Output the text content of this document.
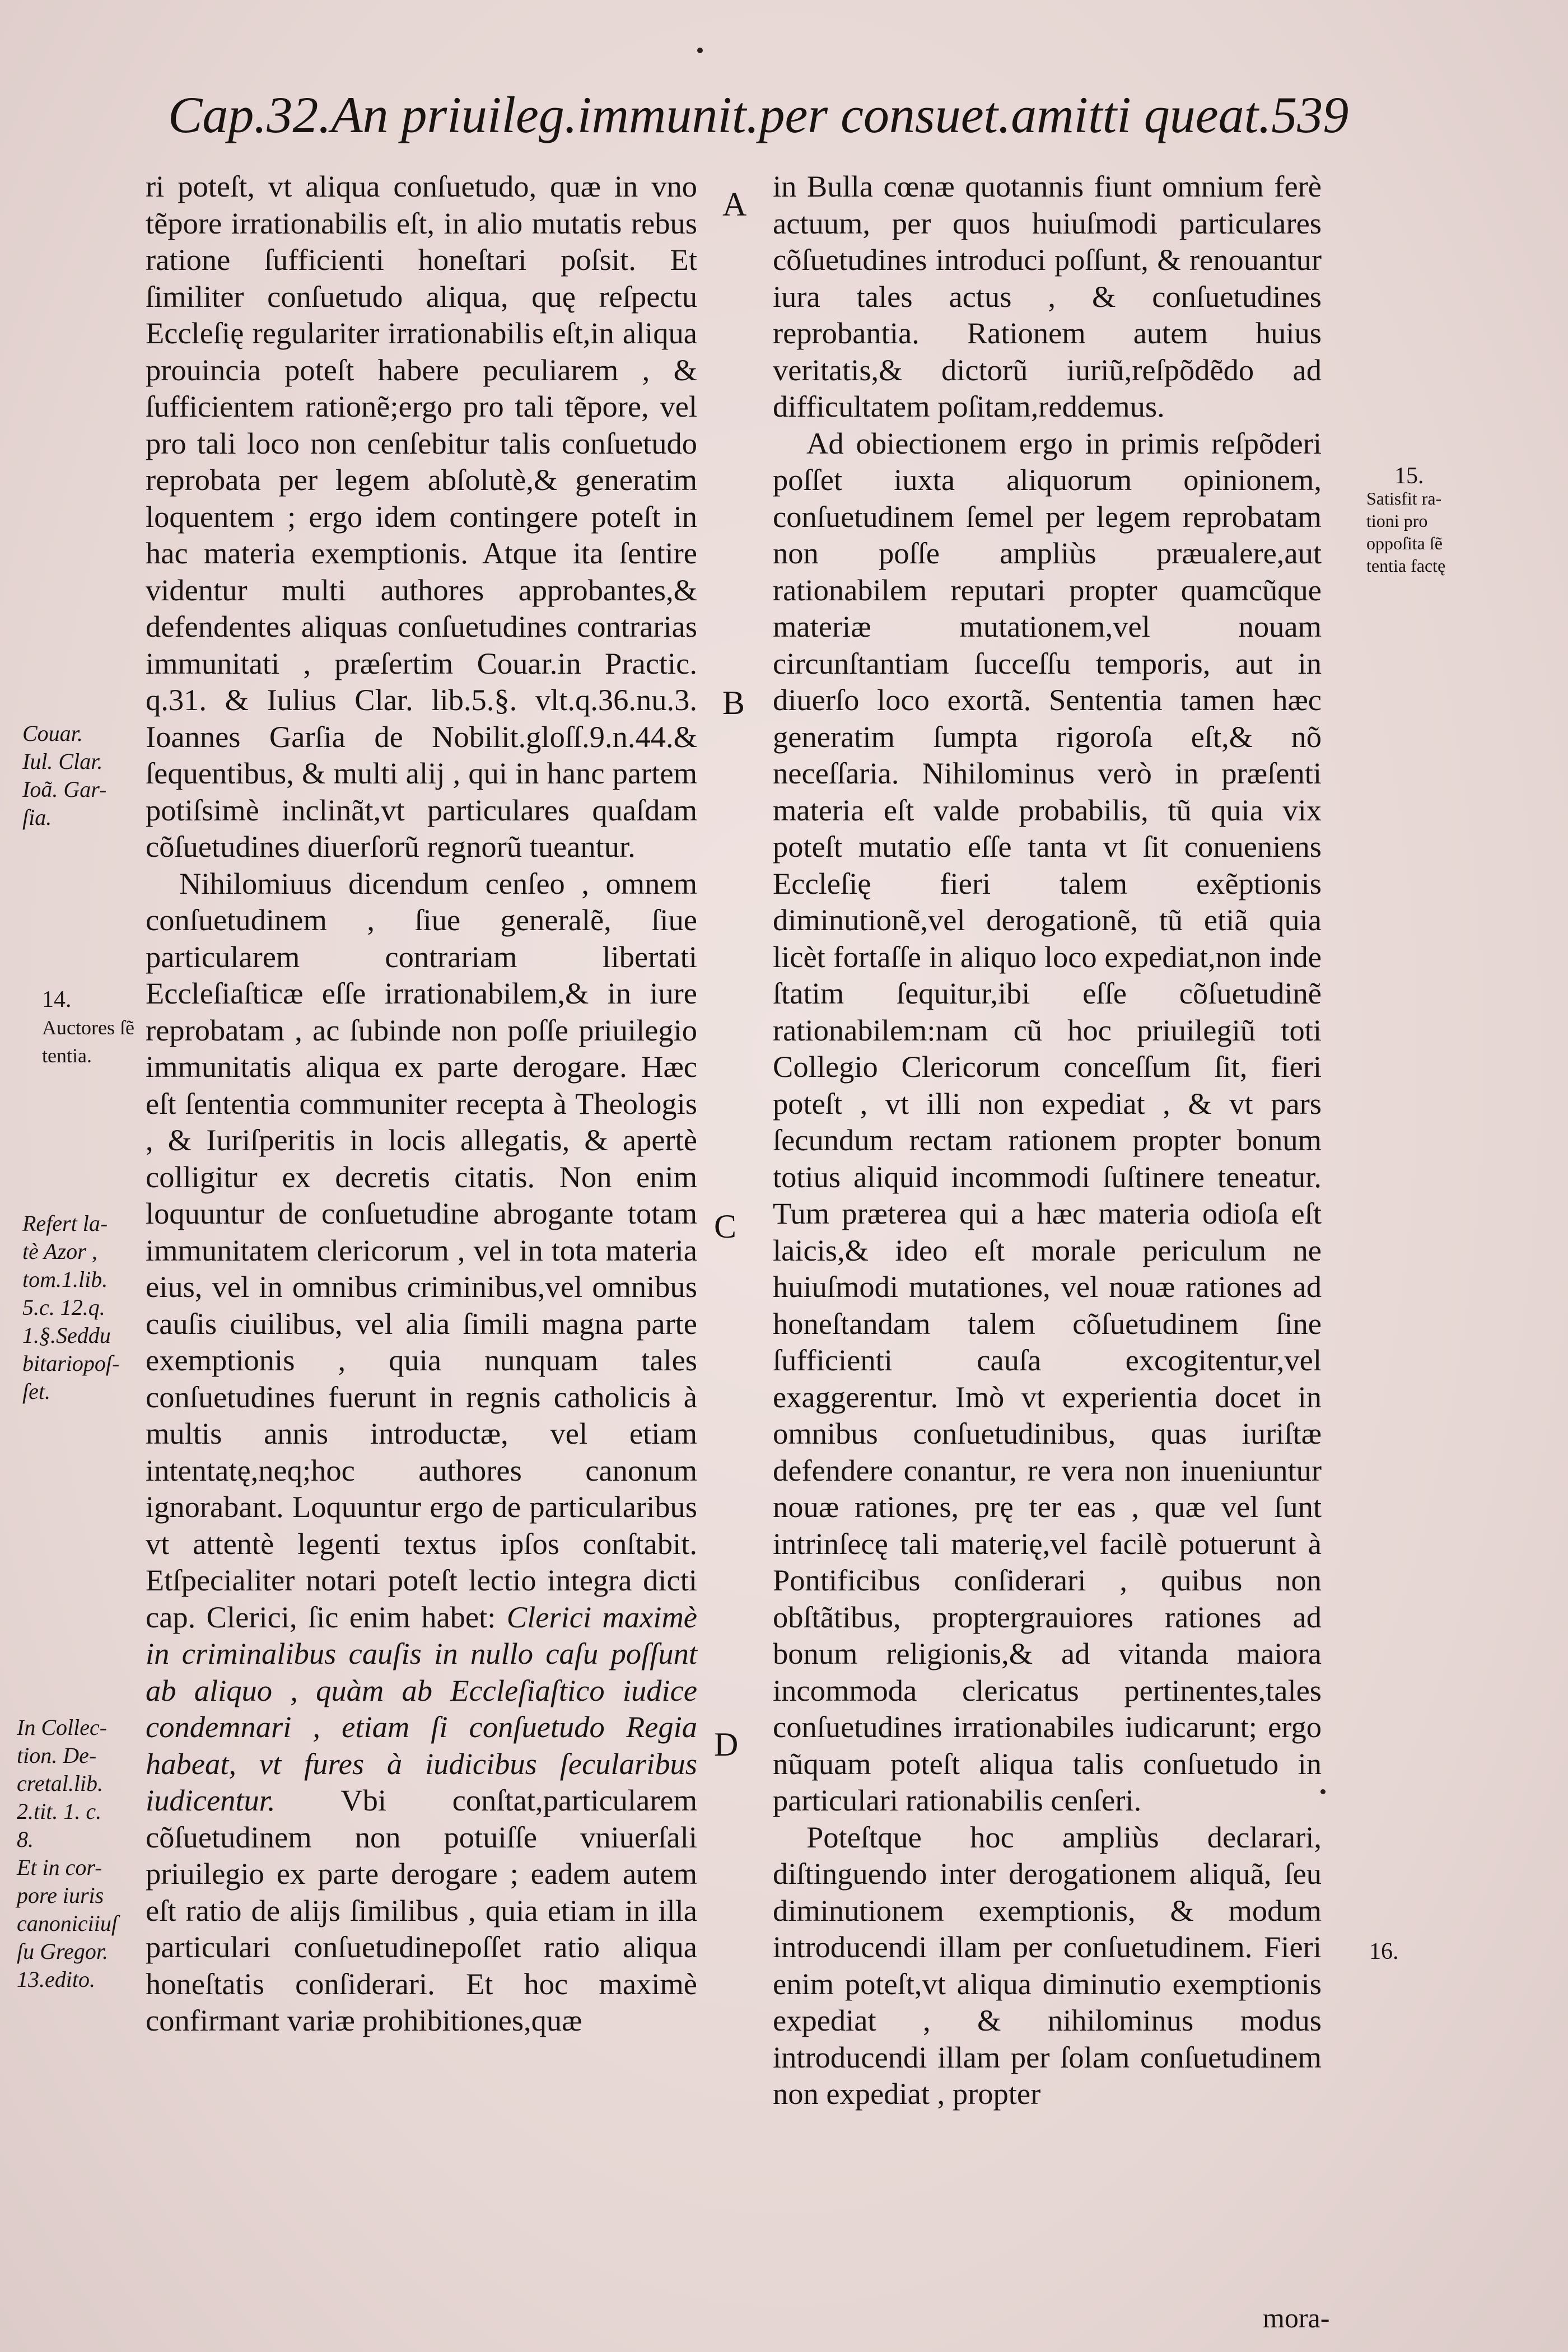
Cap.32.An priuileg.immunit.per consuet.amitti queat. 539

ri poteſt, vt aliqua conſuetudo, quæ in vno tẽpore irrationabilis eſt, in alio mutatis rebus ratione ſufficienti honeſtari poſsit. Et ſimiliter conſuetudo aliqua, quę reſpectu Eccleſię regulariter irrationabilis eſt,in aliqua prouincia poteſt habere peculiarem , & ſufficientem rationẽ;ergo pro tali tẽpore, vel pro tali loco non cenſebitur talis conſuetudo reprobata per legem abſolutè,& generatim loquentem ; ergo idem contingere poteſt in hac materia exemptionis. Atque ita ſentire videntur multi authores approbantes,& defendentes aliquas conſuetudines contrarias immunitati , præſertim Couar.in Practic. q.31. & Iulius Clar. lib.5.§. vlt.q.36.nu.3. Ioannes Garſia de Nobilit.gloſſ.9.n.44.& ſequentibus, & multi alij , qui in hanc partem potiſsimè inclinãt,vt particulares quaſdam cõſuetudines diuerſorũ regnorũ tueantur.

Nihilomiuus dicendum cenſeo , omnem conſuetudinem , ſiue generalẽ, ſiue particularem contrariam libertati Eccleſiaſticæ eſſe irrationabilem,& in iure reprobatam , ac ſubinde non poſſe priuilegio immunitatis aliqua ex parte derogare. Hæc eſt ſententia communiter recepta à Theologis , & Iuriſperitis in locis allegatis, & apertè colligitur ex decretis citatis. Non enim loquuntur de conſuetudine abrogante totam immunitatem clericorum , vel in tota materia eius, vel in omnibus criminibus,vel omnibus cauſis ciuilibus, vel alia ſimili magna parte exemptionis , quia nunquam tales conſuetudines fuerunt in regnis catholicis à multis annis introductæ, vel etiam intentatę,neq;hoc authores canonum ignorabant. Loquuntur ergo de particularibus vt attentè legenti textus ipſos conſtabit. Etſpecialiter notari poteſt lectio integra dicti cap. Clerici, ſic enim habet: Clerici maximè in criminalibus cauſis in nullo caſu poſſunt ab aliquo , quàm ab Eccleſiaſtico iudice condemnari , etiam ſi conſuetudo Regia habeat, vt fures à iudicibus ſecularibus iudicentur. Vbi conſtat,particularem cõſuetudinem non potuiſſe vniuerſali priuilegio ex parte derogare ; eadem autem eſt ratio de alijs ſimilibus , quia etiam in illa particulari conſuetudinepoſſet ratio aliqua honeſtatis conſiderari. Et hoc maximè confirmant variæ prohibitiones,quæ

in Bulla cœnæ quotannis fiunt omnium ferè actuum, per quos huiuſmodi particulares cõſuetudines introduci poſſunt, & renouantur iura tales actus , & conſuetudines reprobantia. Rationem autem huius veritatis,& dictorũ iuriũ,reſpõdẽdo ad difficultatem poſitam,reddemus.

Ad obiectionem ergo in primis reſpõderi poſſet iuxta aliquorum opinionem, conſuetudinem ſemel per legem reprobatam non poſſe ampliùs præualere,aut rationabilem reputari propter quamcũque materiæ mutationem,vel nouam circunſtantiam ſucceſſu temporis, aut in diuerſo loco exortã. Sententia tamen hæc generatim ſumpta rigoroſa eſt,& nõ neceſſaria. Nihilominus verò in præſenti materia eſt valde probabilis, tũ quia vix poteſt mutatio eſſe tanta vt ſit conueniens Eccleſię fieri talem exẽptionis diminutionẽ,vel derogationẽ, tũ etiã quia licèt fortaſſe in aliquo loco expediat,non inde ſtatim ſequitur,ibi eſſe cõſuetudinẽ rationabilem:nam cũ hoc priuilegiũ toti Collegio Clericorum conceſſum ſit, fieri poteſt , vt illi non expediat , & vt pars ſecundum rectam rationem propter bonum totius aliquid incommodi ſuſtinere teneatur. Tum præterea qui a hæc materia odioſa eſt laicis,& ideo eſt morale periculum ne huiuſmodi mutationes, vel nouæ rationes ad honeſtandam talem cõſuetudinem ſine ſufficienti cauſa excogitentur,vel exaggerentur. Imò vt experientia docet in omnibus conſuetudinibus, quas iuriſtæ defendere conantur, re vera non inueniuntur nouæ rationes, prę ter eas , quæ vel ſunt intrinſecę tali materię,vel facilè potuerunt à Pontificibus conſiderari , quibus non obſtãtibus, proptergrauiores rationes ad bonum religionis,& ad vitanda maiora incommoda clericatus pertinentes,tales conſuetudines irrationabiles iudicarunt; ergo nũquam poteſt aliqua talis conſuetudo in particulari rationabilis cenſeri.

Poteſtque hoc ampliùs declarari, diſtinguendo inter derogationem aliquã, ſeu diminutionem exemptionis, & modum introducendi illam per conſuetudinem. Fieri enim poteſt,vt aliqua diminutio exemptionis expediat , & nihilominus modus introducendi illam per ſolam conſuetudinem non expediat , propter

mora-
A
B
C
D
Couar.
Iul. Clar.
Ioã. Gar-
ſia.
14.
Auctores ſẽ
tentia.
Refert la-
tè Azor ,
tom.1.lib.
5.c. 12.q.
1.§.Seddu
bitariopoſ-
ſet.
In Collec-
tion. De-
cretal.lib.
2.tit. 1. c.
8.
Et in cor-
pore iuris
canoniciiuſ
ſu Gregor.
13.edito.
15.
Satisfit ra-
tioni pro
oppoſita ſẽ
tentia factę
16.
